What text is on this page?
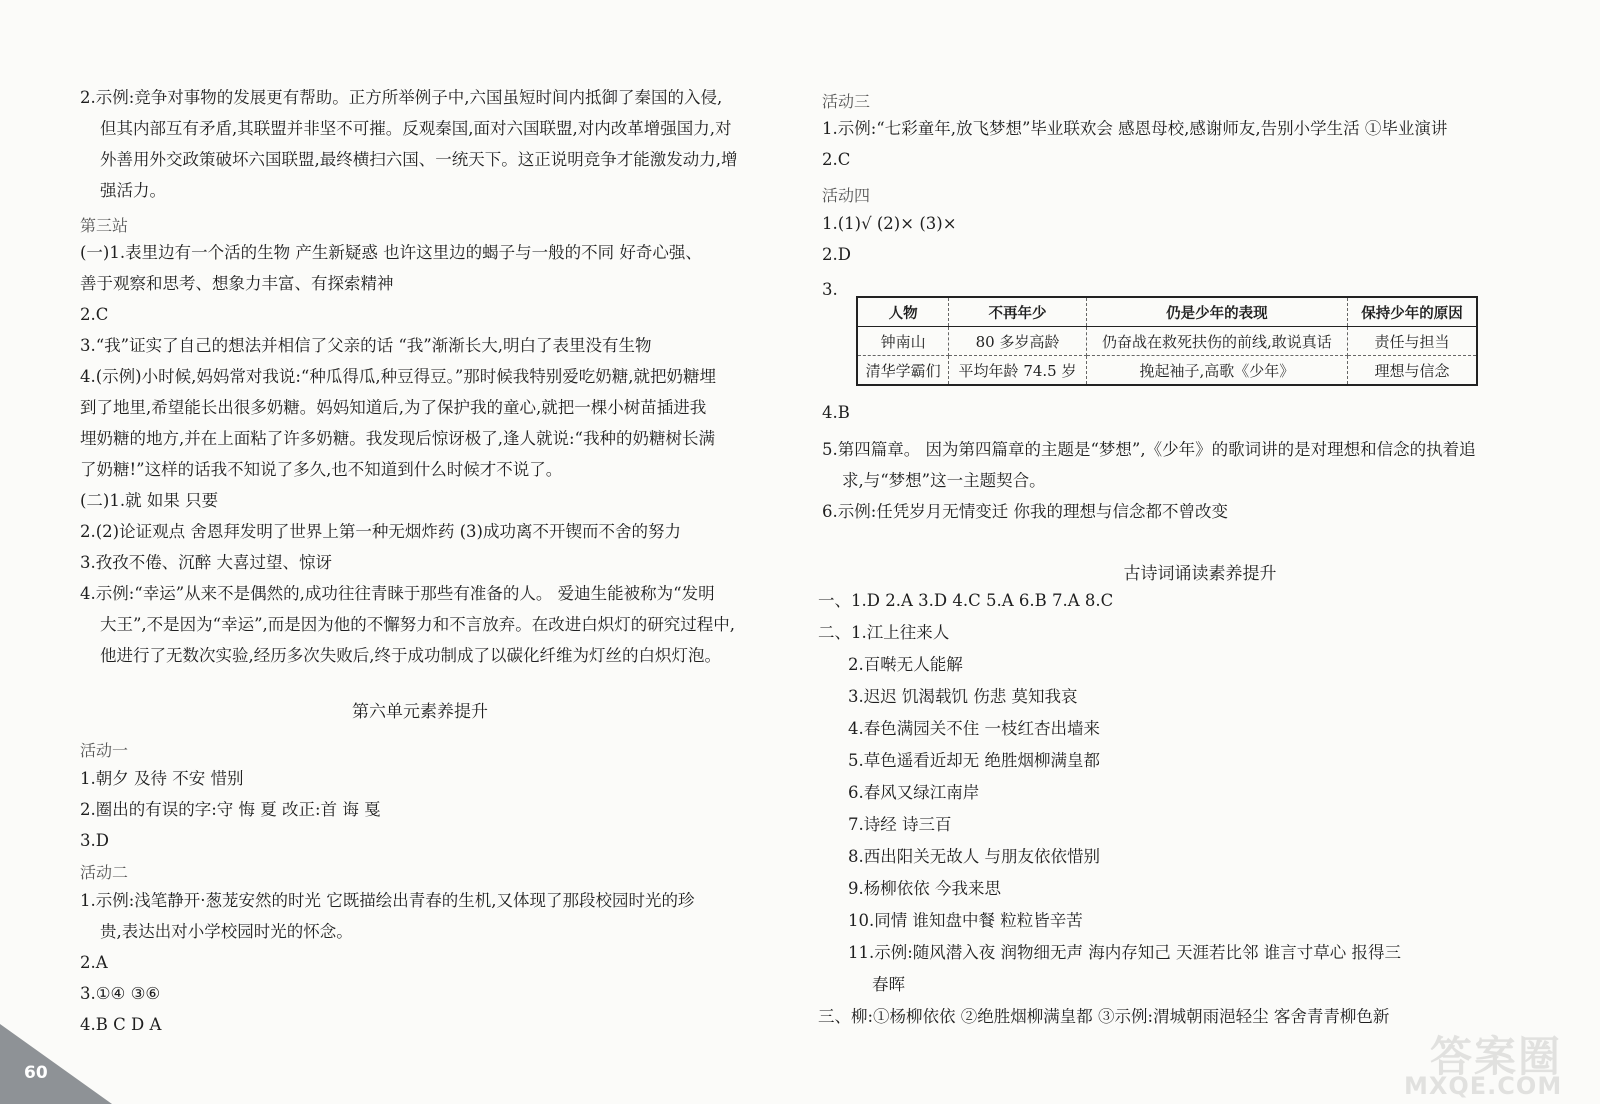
2.示例:竞争对事物的发展更有帮助。正方所举例子中,六国虽短时间内抵御了秦国的入侵,
但其内部互有矛盾,其联盟并非坚不可摧。反观秦国,面对六国联盟,对内改革增强国力,对
外善用外交政策破坏六国联盟,最终横扫六国、一统天下。这正说明竞争才能激发动力,增
强活力。
第三站
(一)1.表里边有一个活的生物 产生新疑惑 也许这里边的蝎子与一般的不同 好奇心强、
善于观察和思考、想象力丰富、有探索精神
2.C
3.“我”证实了自己的想法并相信了父亲的话 “我”渐渐长大,明白了表里没有生物
4.(示例)小时候,妈妈常对我说:“种瓜得瓜,种豆得豆。”那时候我特别爱吃奶糖,就把奶糖埋
到了地里,希望能长出很多奶糖。妈妈知道后,为了保护我的童心,就把一棵小树苗插进我
埋奶糖的地方,并在上面粘了许多奶糖。我发现后惊讶极了,逢人就说:“我种的奶糖树长满
了奶糖!”这样的话我不知说了多久,也不知道到什么时候才不说了。
(二)1.就 如果 只要
2.(2)论证观点 舍恩拜发明了世界上第一种无烟炸药 (3)成功离不开锲而不舍的努力
3.孜孜不倦、沉醉 大喜过望、惊讶
4.示例:“幸运”从来不是偶然的,成功往往青睐于那些有准备的人。 爱迪生能被称为“发明
大王”,不是因为“幸运”,而是因为他的不懈努力和不言放弃。在改进白炽灯的研究过程中,
他进行了无数次实验,经历多次失败后,终于成功制成了以碳化纤维为灯丝的白炽灯泡。
第六单元素养提升
活动一
1.朝夕 及待 不安 惜别
2.圈出的有误的字:守 悔 夏 改正:首 诲 戛
3.D
活动二
1.示例:浅笔静开·葱茏安然的时光 它既描绘出青春的生机,又体现了那段校园时光的珍
贵,表达出对小学校园时光的怀念。
2.A
3.①④ ③⑥
4.B C D A
60
活动三
1.示例:“七彩童年,放飞梦想”毕业联欢会 感恩母校,感谢师友,告别小学生活 ①毕业演讲
2.C
活动四
1.(1)√ (2)× (3)×
2.D
3.
4.B
5.第四篇章。 因为第四篇章的主题是“梦想”,《少年》的歌词讲的是对理想和信念的执着追
求,与“梦想”这一主题契合。
6.示例:任凭岁月无情变迁 你我的理想与信念都不曾改变
古诗词诵读素养提升
一、1.D 2.A 3.D 4.C 5.A 6.B 7.A 8.C
二、1.江上往来人
2.百啭无人能解
3.迟迟 饥渴载饥 伤悲 莫知我哀
4.春色满园关不住 一枝红杏出墙来
5.草色遥看近却无 绝胜烟柳满皇都
6.春风又绿江南岸
7.诗经 诗三百
8.西出阳关无故人 与朋友依依惜别
9.杨柳依依 今我来思
10.同情 谁知盘中餐 粒粒皆辛苦
11.示例:随风潜入夜 润物细无声 海内存知己 天涯若比邻 谁言寸草心 报得三
春晖
三、柳:①杨柳依依 ②绝胜烟柳满皇都 ③示例:渭城朝雨浥轻尘 客舍青青柳色新
人物	不再年少	仍是少年的表现	保持少年的原因
钟南山	80 多岁高龄	仍奋战在救死扶伤的前线,敢说真话	责任与担当
清华学霸们	平均年龄 74.5 岁	挽起袖子,高歌《少年》	理想与信念
答案圈
MXQE.COM
